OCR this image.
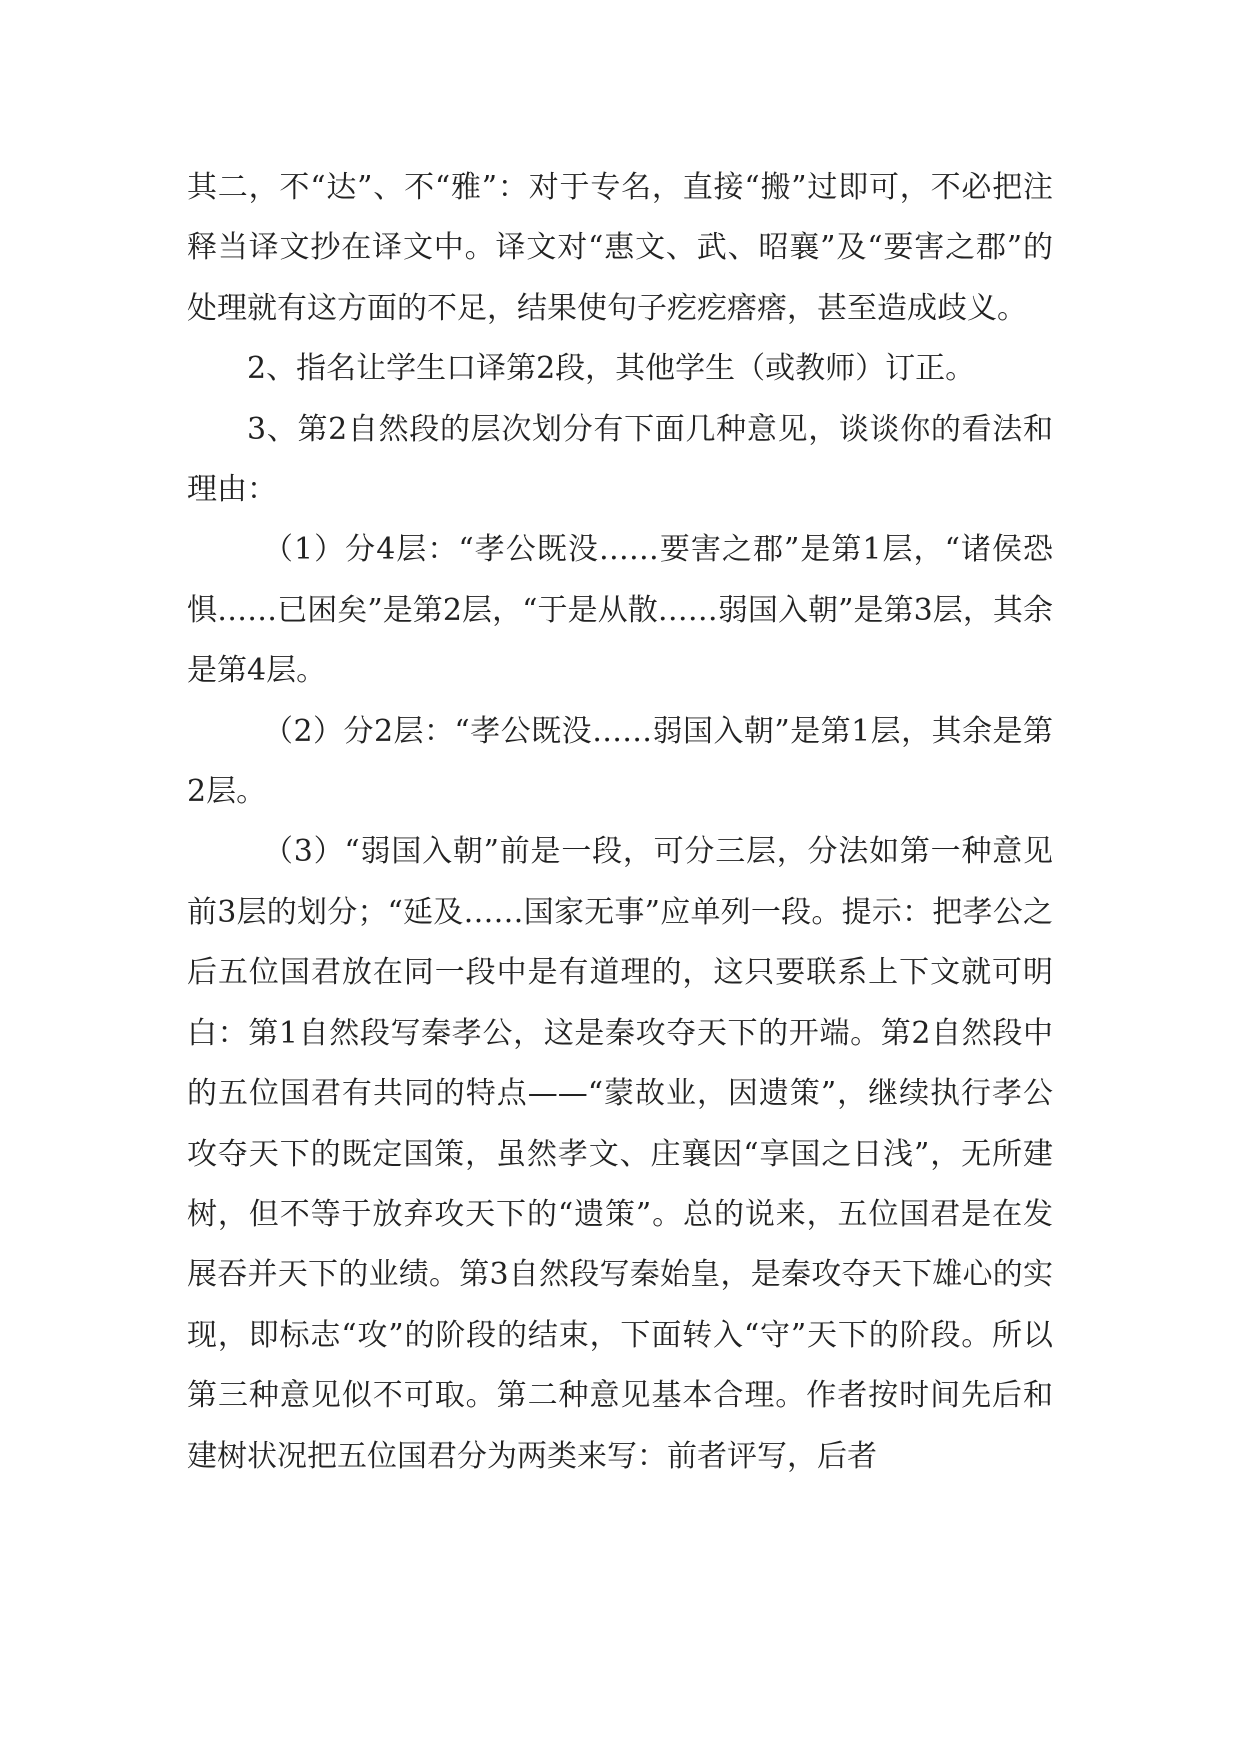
其二，不“达”、不“雅”：对于专名，直接“搬”过即可，不必把注释当译文抄在译文中。译文对“惠文、武、昭襄”及“要害之郡”的处理就有这方面的不足，结果使句子疙疙瘩瘩，甚至造成歧义。

2、指名让学生口译第2段，其他学生（或教师）订正。

3、第2自然段的层次划分有下面几种意见，谈谈你的看法和理由：

（1）分4层：“孝公既没……要害之郡”是第1层，“诸侯恐惧……已困矣”是第2层，“于是从散……弱国入朝”是第3层，其余是第4层。

（2）分2层：“孝公既没……弱国入朝”是第1层，其余是第2层。

（3）“弱国入朝”前是一段，可分三层，分法如第一种意见前3层的划分；“延及……国家无事”应单列一段。提示：把孝公之后五位国君放在同一段中是有道理的，这只要联系上下文就可明白：第1自然段写秦孝公，这是秦攻夺天下的开端。第2自然段中的五位国君有共同的特点——“蒙故业，因遗策”，继续执行孝公攻夺天下的既定国策，虽然孝文、庄襄因“享国之日浅”，无所建树，但不等于放弃攻天下的“遗策”。总的说来，五位国君是在发展吞并天下的业绩。第3自然段写秦始皇，是秦攻夺天下雄心的实现，即标志“攻”的阶段的结束，下面转入“守”天下的阶段。所以第三种意见似不可取。第二种意见基本合理。作者按时间先后和建树状况把五位国君分为两类来写：前者评写，后者
